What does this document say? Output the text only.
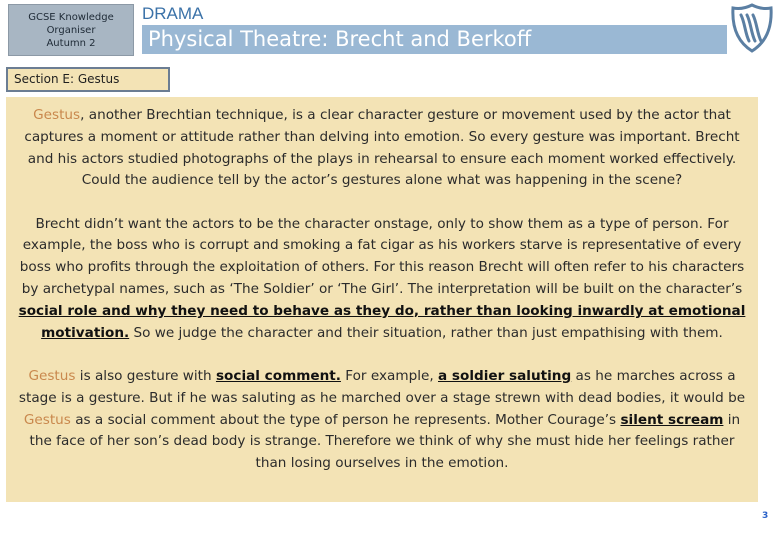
GCSE Knowledge
Organiser
Autumn 2
DRAMA
Physical Theatre: Brecht and Berkoff
Section E: Gestus

Gestus, another Brechtian technique, is a clear character gesture or movement used by the actor that captures a moment or attitude rather than delving into emotion. So every gesture was important. Brecht and his actors studied photographs of the plays in rehearsal to ensure each moment worked effectively. Could the audience tell by the actor’s gestures alone what was happening in the scene?

Brecht didn’t want the actors to be the character onstage, only to show them as a type of person. For example, the boss who is corrupt and smoking a fat cigar as his workers starve is representative of every boss who profits through the exploitation of others. For this reason Brecht will often refer to his characters by archetypal names, such as ‘The Soldier’ or ‘The Girl’. The interpretation will be built on the character’s social role and why they need to behave as they do, rather than looking inwardly at emotional motivation. So we judge the character and their situation, rather than just empathising with them.

Gestus is also gesture with social comment. For example, a soldier saluting as he marches across a stage is a gesture. But if he was saluting as he marched over a stage strewn with dead bodies, it would be Gestus as a social comment about the type of person he represents. Mother Courage’s silent scream in the face of her son’s dead body is strange. Therefore we think of why she must hide her feelings rather than losing ourselves in the emotion.

3
